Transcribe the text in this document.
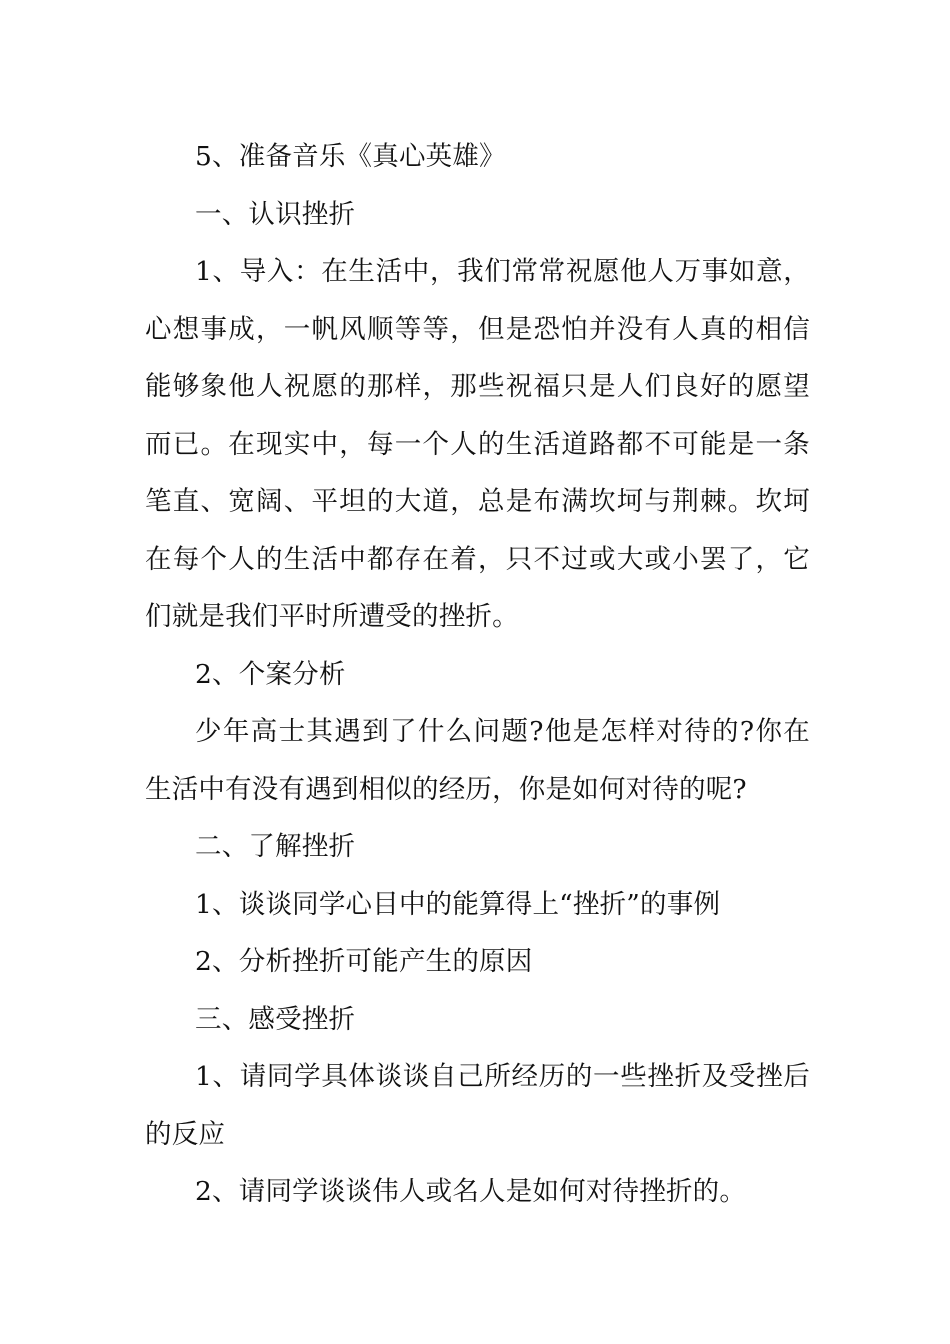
5、准备音乐《真心英雄》

一、认识挫折

1、导入：在生活中，我们常常祝愿他人万事如意，心想事成，一帆风顺等等，但是恐怕并没有人真的相信能够象他人祝愿的那样，那些祝福只是人们良好的愿望而已。在现实中，每一个人的生活道路都不可能是一条笔直、宽阔、平坦的大道，总是布满坎坷与荆棘。坎坷在每个人的生活中都存在着，只不过或大或小罢了，它们就是我们平时所遭受的挫折。

2、个案分析

少年高士其遇到了什么问题?他是怎样对待的?你在生活中有没有遇到相似的经历，你是如何对待的呢?

二、了解挫折

1、谈谈同学心目中的能算得上“挫折”的事例

2、分析挫折可能产生的原因

三、感受挫折

1、请同学具体谈谈自己所经历的一些挫折及受挫后的反应

2、请同学谈谈伟人或名人是如何对待挫折的。
